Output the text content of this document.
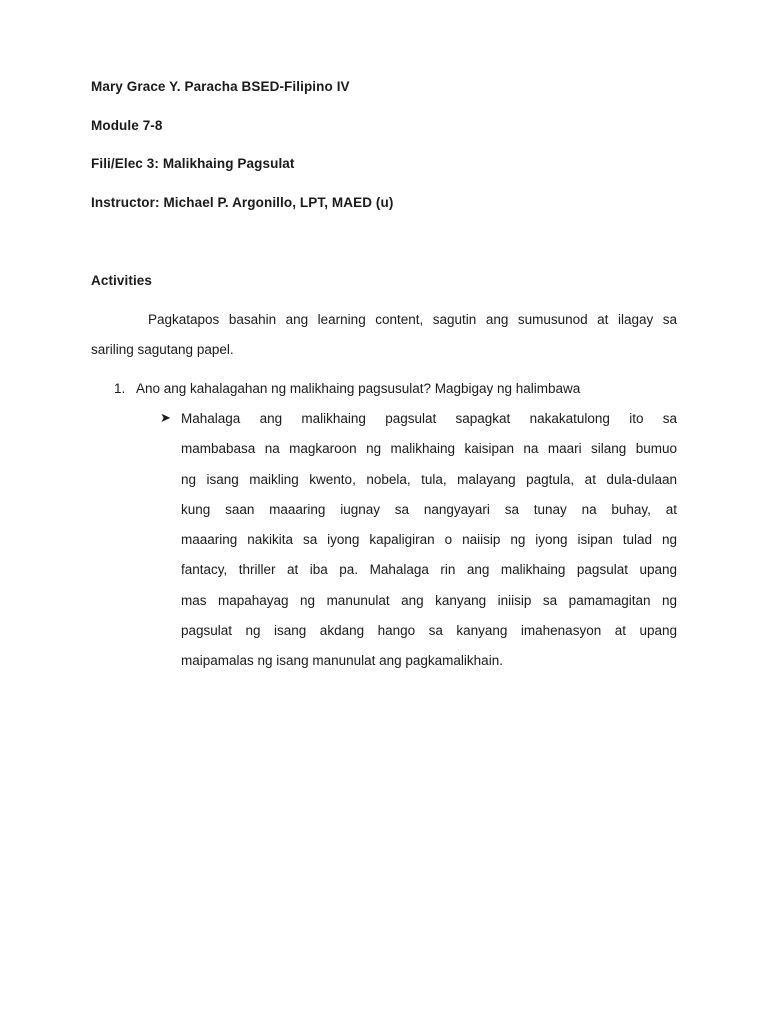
Mary Grace Y. Paracha BSED-Filipino IV
Module 7-8
Fili/Elec 3: Malikhaing Pagsulat
Instructor: Michael P. Argonillo, LPT, MAED (u)
Activities
Pagkatapos basahin ang learning content, sagutin ang sumusunod at ilagay sa
sariling sagutang papel.
1. Ano ang kahalagahan ng malikhaing pagsusulat? Magbigay ng halimbawa
➤ Mahalaga ang malikhaing pagsulat sapagkat nakakatulong ito sa
mambabasa na magkaroon ng malikhaing kaisipan na maari silang bumuo
ng isang maikling kwento, nobela, tula, malayang pagtula, at dula-dulaan
kung saan maaaring iugnay sa nangyayari sa tunay na buhay, at
maaaring nakikita sa iyong kapaligiran o naiisip ng iyong isipan tulad ng
fantacy, thriller at iba pa. Mahalaga rin ang malikhaing pagsulat upang
mas mapahayag ng manunulat ang kanyang iniisip sa pamamagitan ng
pagsulat ng isang akdang hango sa kanyang imahenasyon at upang
maipamalas ng isang manunulat ang pagkamalikhain.
